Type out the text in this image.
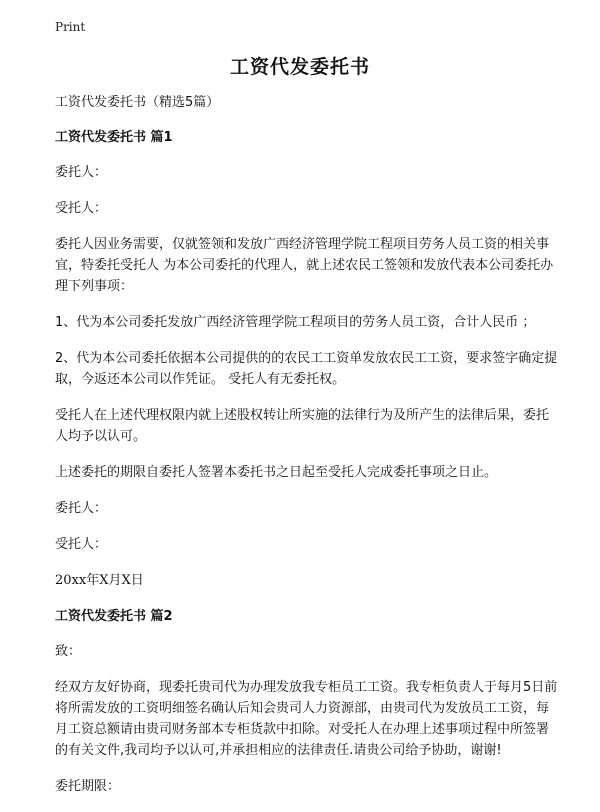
Print
工资代发委托书

工资代发委托书（精选5篇）

工资代发委托书 篇1

委托人：

受托人：

委托人因业务需要，仅就签领和发放广西经济管理学院工程项目劳务人员工资的相关事宜，特委托受托人 为本公司委托的代理人，就上述农民工签领和发放代表本公司委托办理下列事项：

1、代为本公司委托发放广西经济管理学院工程项目的劳务人员工资，合计人民币 ；

2、代为本公司委托依据本公司提供的的农民工工资单发放农民工工资，要求签字确定提取，今返还本公司以作凭证。 受托人有无委托权。

受托人在上述代理权限内就上述股权转让所实施的法律行为及所产生的法律后果，委托人均予以认可。

上述委托的期限自委托人签署本委托书之日起至受托人完成委托事项之日止。

委托人：

受托人：

20xx年X月X日

工资代发委托书 篇2

致：

经双方友好协商，现委托贵司代为办理发放我专柜员工工资。我专柜负责人于每月5日前将所需发放的工资明细签名确认后知会贵司人力资源部，由贵司代为发放员工工资，每月工资总额请由贵司财务部本专柜货款中扣除。对受托人在办理上述事项过程中所签署的有关文件,我司均予以认可,并承担相应的法律责任.请贵公司给予协助，谢谢!

委托期限：
